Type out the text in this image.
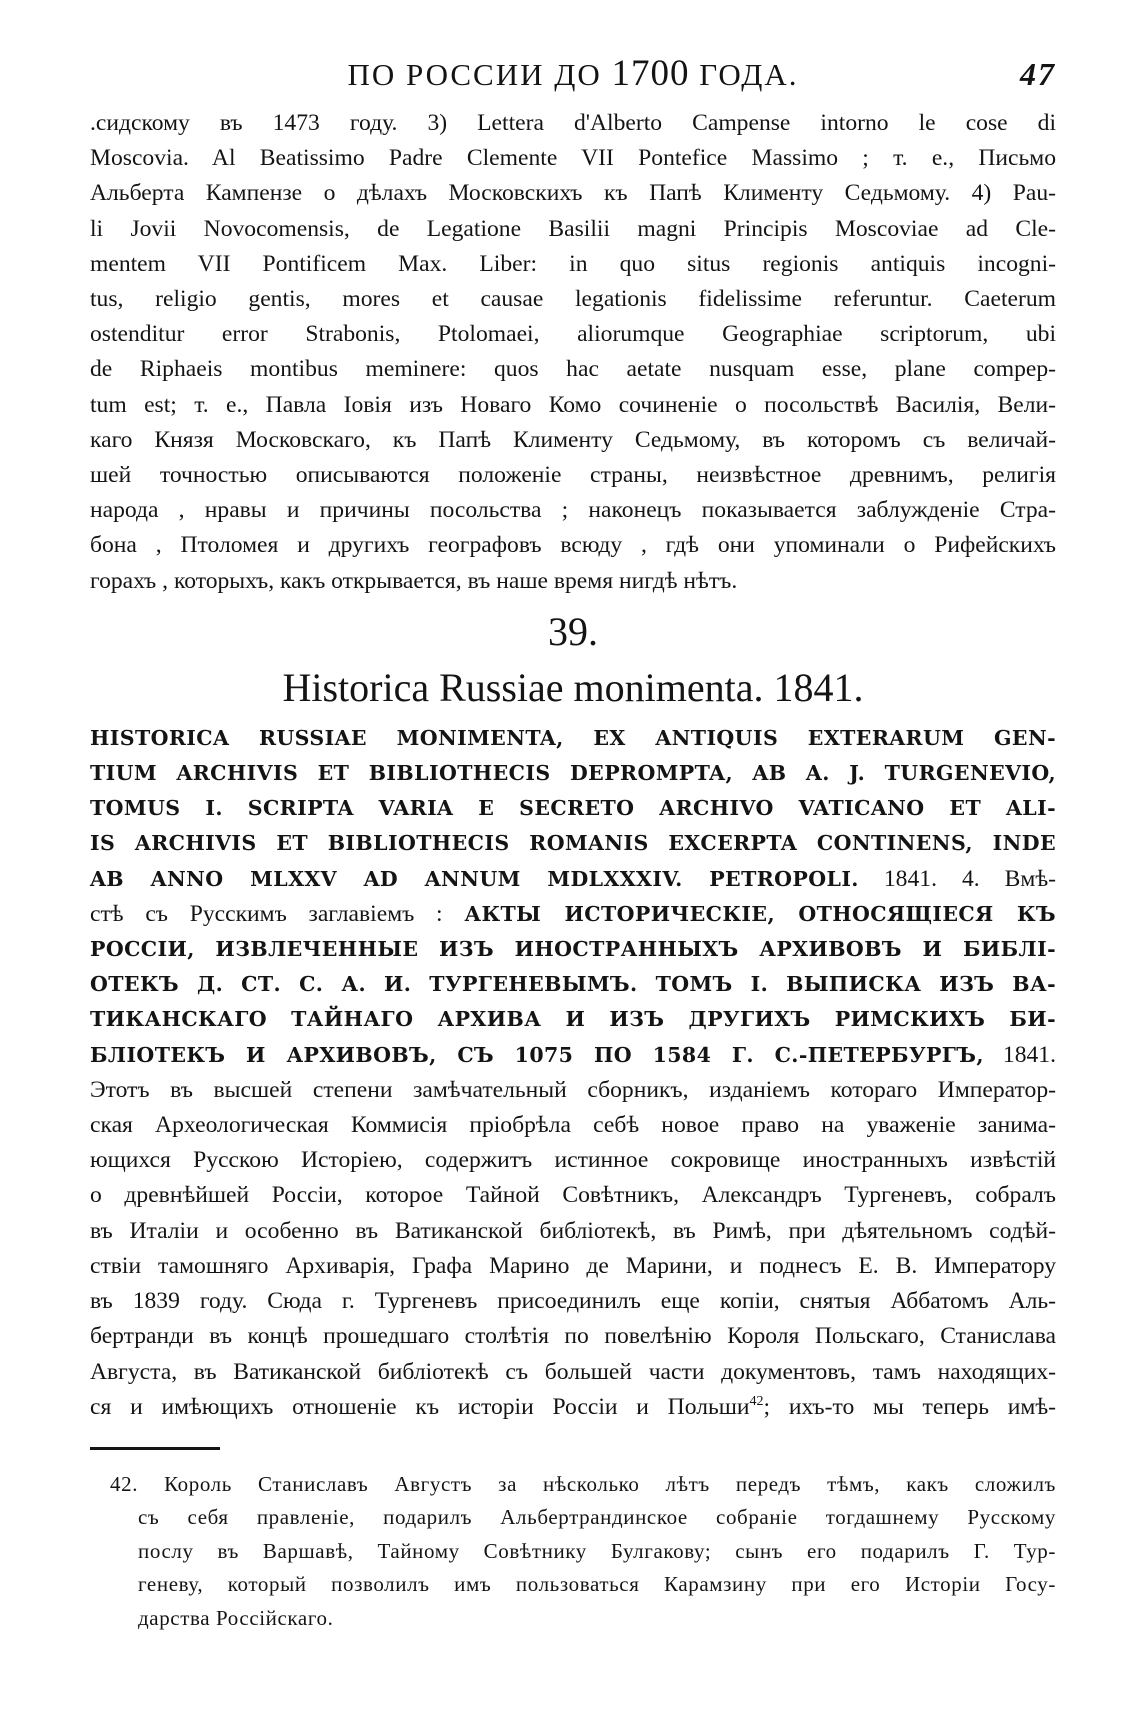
ПО РОССИИ ДО 1700 ГОДА.	47
.сидскому въ 1473 году. 3) Lettera d'Alberto Campense intorno le cose di
Moscovia. Al Beatissimo Padre Clemente VII Pontefice Massimo ; т. е., Письмо
Альберта Кампензе о дѣлахъ Московскихъ къ Папѣ Клименту Седьмому. 4) Pau-
li Jovii Novocomensis, de Legatione Basilii magni Principis Moscoviae ad Cle-
mentem VII Pontificem Max. Liber: in quo situs regionis antiquis incogni-
tus, religio gentis, mores et causae legationis fidelissime referuntur. Caeterum
ostenditur error Strabonis, Ptolomaei, aliorumque Geographiae scriptorum, ubi
de Riphaeis montibus meminere: quos hac aetate nusquam esse, plane compер-
tum est; т. е., Павла Іовія изъ Новаго Комо сочиненіе о посольствѣ Василія, Вели-
каго Князя Московскаго, къ Папѣ Клименту Седьмому, въ которомъ съ величай-
шей точностью описываются положеніе страны, неизвѣстное древнимъ, религія
народа , нравы и причины посольства ; наконецъ показывается заблужденіе Стра-
бона , Птоломея и другихъ географовъ всюду , гдѣ они упоминали о Рифейскихъ
горахъ , которыхъ, какъ открывается, въ наше время нигдѣ нѣтъ.
39.
Historica Russiae monimenta. 1841.
HISTORICA RUSSIAE MONIMENTA, EX ANTIQUIS EXTERARUM GEN-
TIUM ARCHIVIS ET BIBLIOTHECIS DEPROMPTA, AB A. J. TURGENEVIO,
TOMUS I. SCRIPTA VARIA E SECRETO ARCHIVO VATICANO ET ALI-
IS ARCHIVIS ET BIBLIOTHECIS ROMANIS EXCERPTA CONTINENS, INDE
AB ANNO MLXXV AD ANNUM MDLXXXIV. PETROPOLI. 1841. 4. Вмѣ-
стѣ съ Русскимъ заглавіемъ : АКТЫ ИСТОРИЧЕСКІЕ, ОТНОСЯЩІЕСЯ КЪ
РОССІИ, ИЗВЛЕЧЕННЫЕ ИЗЪ ИНОСТРАННЫХЪ АРХИВОВЪ И БИБЛІ-
ОТЕКЪ Д. СТ. С. А. И. ТУРГЕНЕВЫМЪ. ТОМЪ І. ВЫПИСКА ИЗЪ ВА-
ТИКАНСКАГО ТАЙНАГО АРХИВА И ИЗЪ ДРУГИХЪ РИМСКИХЪ БИ-
БЛІОТЕКЪ И АРХИВОВЪ, СЪ 1075 ПО 1584 Г. С.-ПЕТЕРБУРГЪ, 1841.
Этотъ въ высшей степени замѣчательный сборникъ, изданіемъ котораго Император-
ская Археологическая Коммисія пріобрѣла себѣ новое право на уваженіе занима-
ющихся Русскою Исторіею, содержитъ истинное сокровище иностранныхъ извѣстій
о древнѣйшей Россіи, которое Тайной Совѣтникъ, Александръ Тургеневъ, собралъ
въ Италіи и особенно въ Ватиканской библіотекѣ, въ Римѣ, при дѣятельномъ содѣй-
ствіи тамошняго Архиварія, Графа Марино де Марини, и поднесъ Е. В. Императору
въ 1839 году. Сюда г. Тургеневъ присоединилъ еще копіи, снятыя Аббатомъ Аль-
бертранди въ концѣ прошедшаго столѣтія по повелѣнію Короля Польскаго, Станислава
Августа, въ Ватиканской библіотекѣ съ большей части документовъ, тамъ находящих-
ся и имѣющихъ отношеніе къ исторіи Россіи и Польши$^{42}$; ихъ-то мы теперь имѣ-
42. Король Станиславъ Августъ за нѣсколько лѣтъ передъ тѣмъ, какъ сложилъ
съ себя правленіе, подарилъ Альбертрандинское собраніе тогдашнему Русскому
послу въ Варшавѣ, Тайному Совѣтнику Булгакову; сынъ его подарилъ Г. Тур-
геневу, который позволилъ имъ пользоваться Карамзину при его Исторіи Госу-
дарства Россійскаго.
